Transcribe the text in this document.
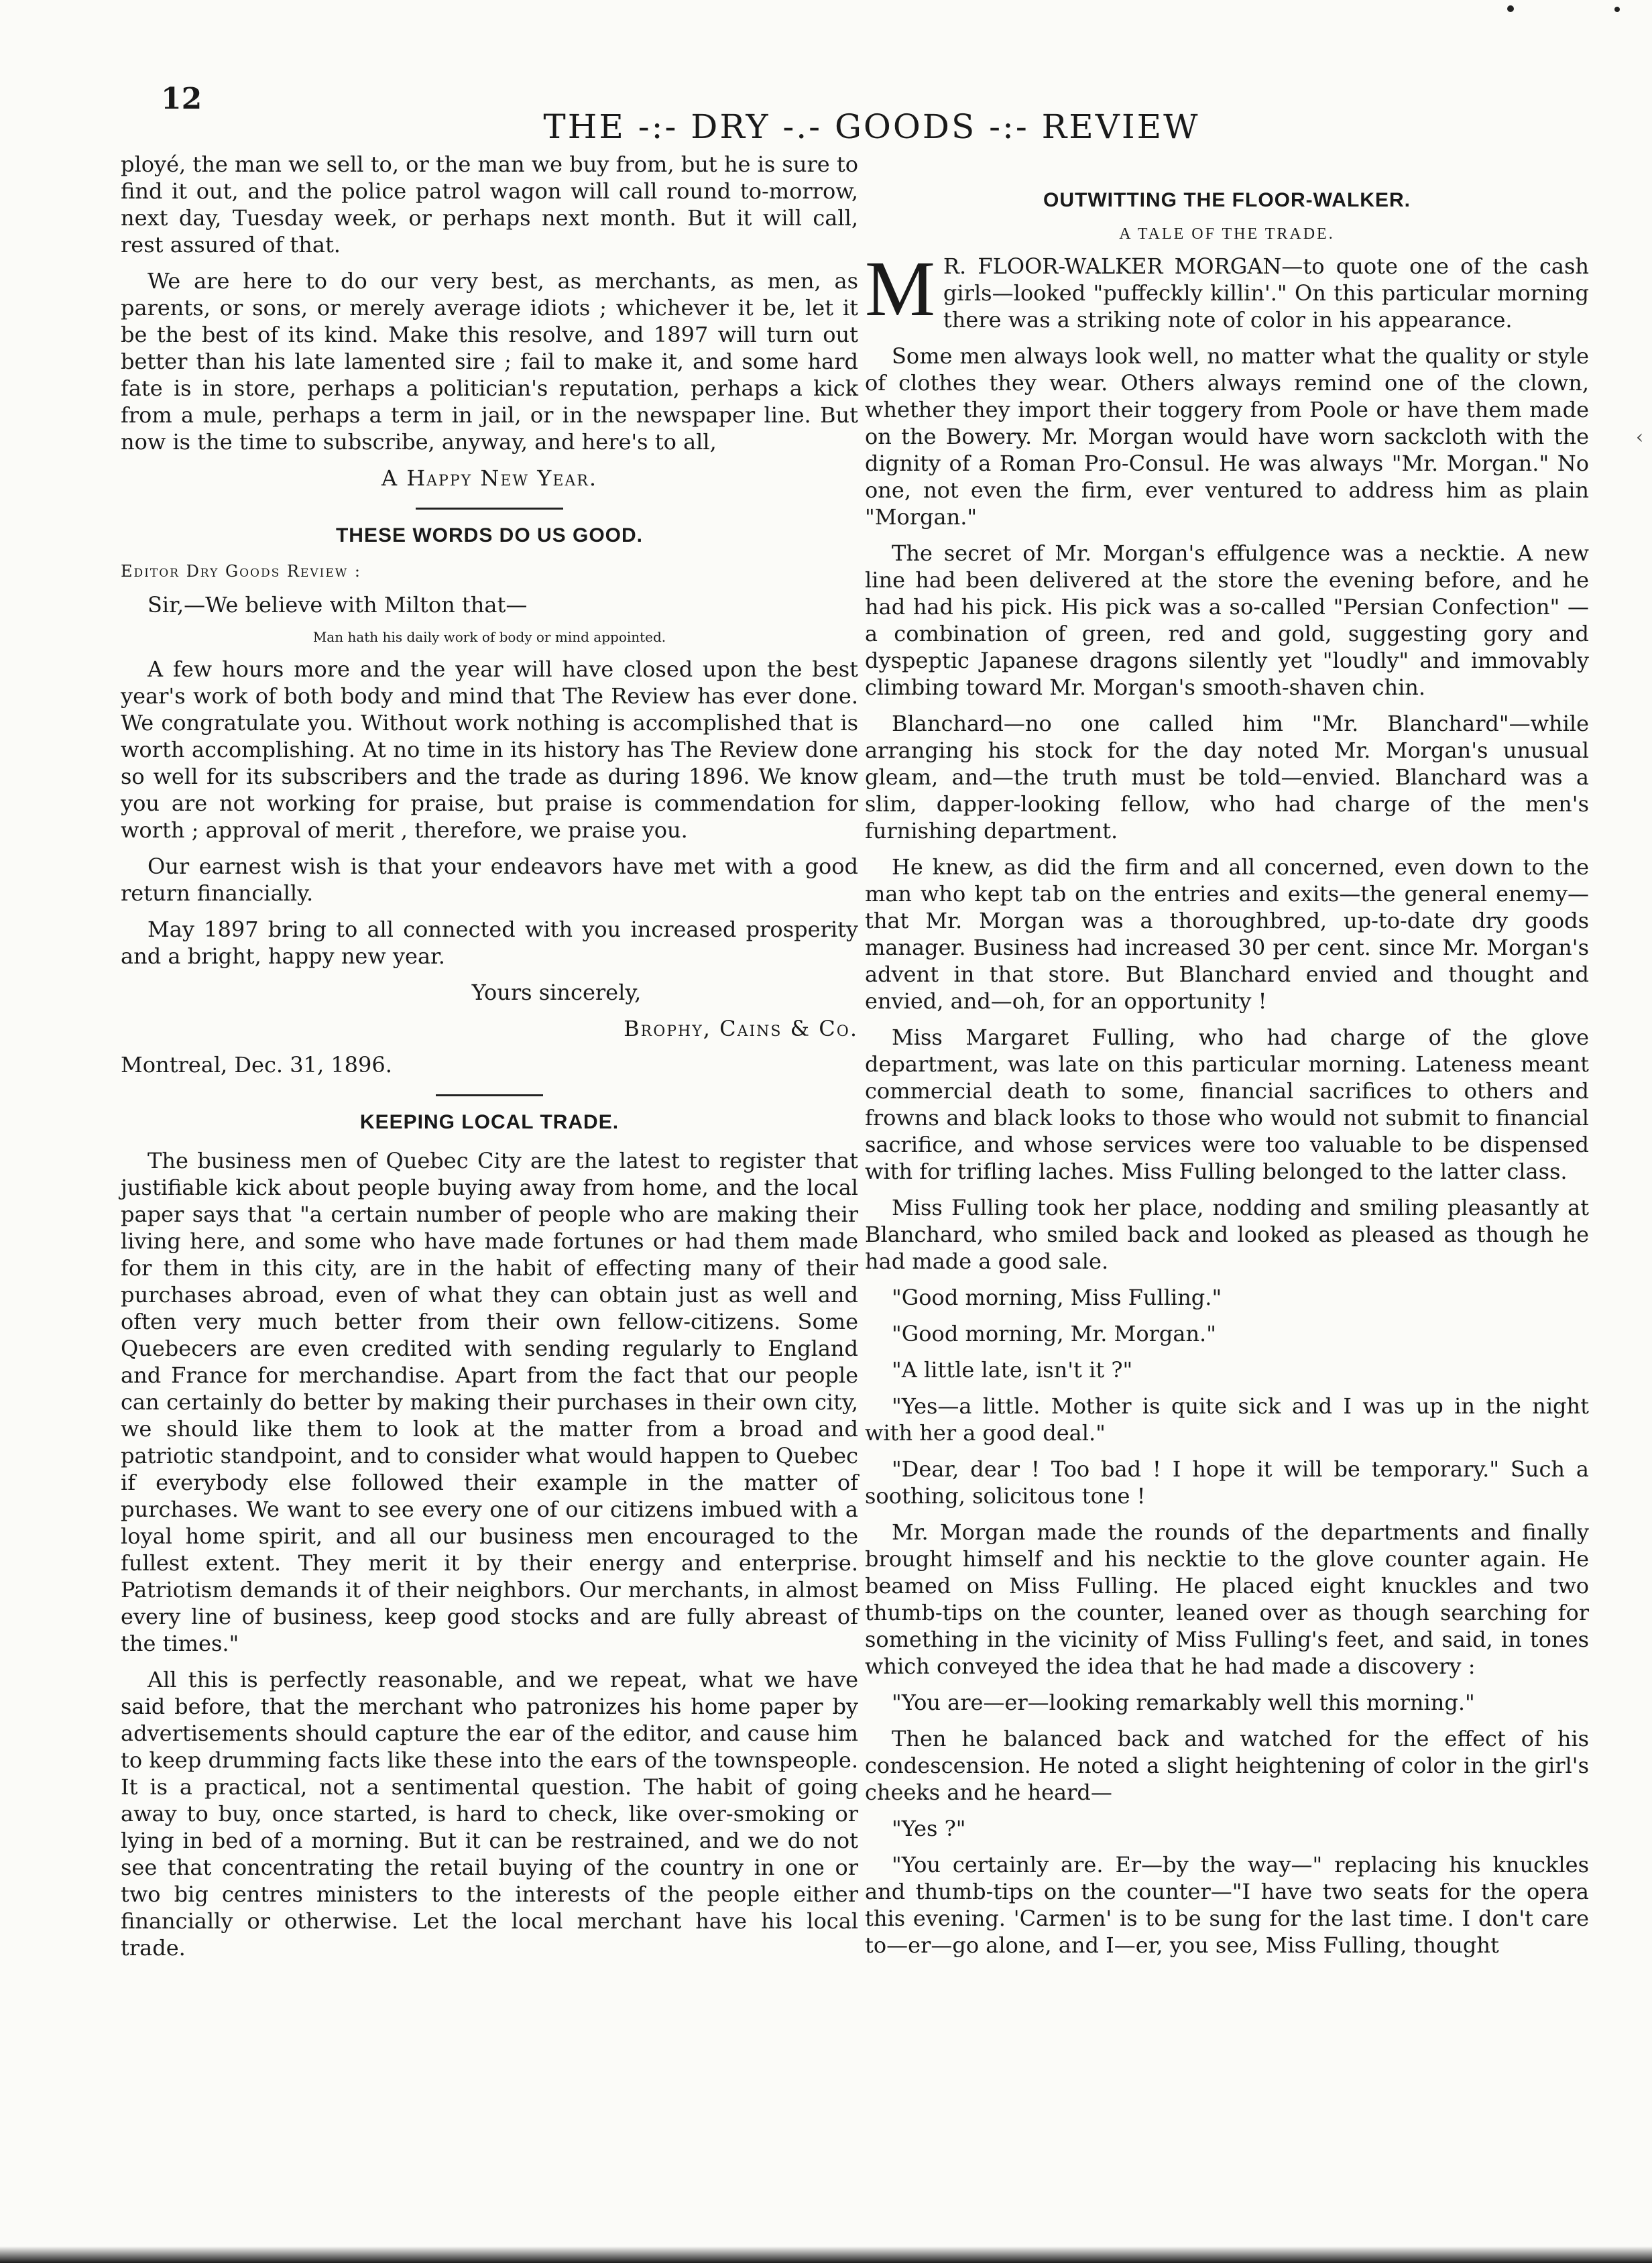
12
THE -:- DRY -.- GOODS -:- REVIEW

ployé, the man we sell to, or the man we buy from, but he is sure to find it out, and the police patrol wagon will call round to-morrow, next day, Tuesday week, or perhaps next month. But it will call, rest assured of that.

We are here to do our very best, as merchants, as men, as parents, or sons, or merely average idiots ; whichever it be, let it be the best of its kind. Make this resolve, and 1897 will turn out better than his late lamented sire ; fail to make it, and some hard fate is in store, perhaps a politician's reputation, perhaps a kick from a mule, perhaps a term in jail, or in the newspaper line. But now is the time to subscribe, anyway, and here's to all,

A Happy New Year.

THESE WORDS DO US GOOD.

Editor Dry Goods Review :

Sir,—We believe with Milton that—

Man hath his daily work of body or mind appointed.

A few hours more and the year will have closed upon the best year's work of both body and mind that The Review has ever done. We congratulate you. Without work nothing is accomplished that is worth accomplishing. At no time in its history has The Review done so well for its subscribers and the trade as during 1896. We know you are not working for praise, but praise is commendation for worth ; approval of merit , therefore, we praise you.

Our earnest wish is that your endeavors have met with a good return financially.

May 1897 bring to all connected with you increased prosperity and a bright, happy new year.

Yours sincerely,

Brophy, Cains & Co.

Montreal, Dec. 31, 1896.

KEEPING LOCAL TRADE.

The business men of Quebec City are the latest to register that justifiable kick about people buying away from home, and the local paper says that "a certain number of people who are making their living here, and some who have made fortunes or had them made for them in this city, are in the habit of effecting many of their purchases abroad, even of what they can obtain just as well and often very much better from their own fellow-citizens. Some Quebecers are even credited with sending regularly to England and France for merchandise. Apart from the fact that our people can certainly do better by making their purchases in their own city, we should like them to look at the matter from a broad and patriotic standpoint, and to consider what would happen to Quebec if everybody else followed their example in the matter of purchases. We want to see every one of our citizens imbued with a loyal home spirit, and all our business men encouraged to the fullest extent. They merit it by their energy and enterprise. Patriotism demands it of their neighbors. Our merchants, in almost every line of business, keep good stocks and are fully abreast of the times."

All this is perfectly reasonable, and we repeat, what we have said before, that the merchant who patronizes his home paper by advertisements should capture the ear of the editor, and cause him to keep drumming facts like these into the ears of the townspeople. It is a practical, not a sentimental question. The habit of going away to buy, once started, is hard to check, like over-smoking or lying in bed of a morning. But it can be restrained, and we do not see that concentrating the retail buying of the country in one or two big centres ministers to the interests of the people either financially or otherwise. Let the local merchant have his local trade.

OUTWITTING THE FLOOR-WALKER.
A TALE OF THE TRADE.

M R. FLOOR-WALKER MORGAN—to quote one of the cash girls—looked "puffeckly killin'." On this particular morning there was a striking note of color in his appearance.

Some men always look well, no matter what the quality or style of clothes they wear. Others always remind one of the clown, whether they import their toggery from Poole or have them made on the Bowery. Mr. Morgan would have worn sackcloth with the dignity of a Roman Pro-Consul. He was always "Mr. Morgan." No one, not even the firm, ever ventured to address him as plain "Morgan."

The secret of Mr. Morgan's effulgence was a necktie. A new line had been delivered at the store the evening before, and he had had his pick. His pick was a so-called "Persian Confection" —a combination of green, red and gold, suggesting gory and dyspeptic Japanese dragons silently yet "loudly" and immovably climbing toward Mr. Morgan's smooth-shaven chin.

Blanchard—no one called him "Mr. Blanchard"—while arranging his stock for the day noted Mr. Morgan's unusual gleam, and—the truth must be told—envied. Blanchard was a slim, dapper-looking fellow, who had charge of the men's furnishing department.

He knew, as did the firm and all concerned, even down to the man who kept tab on the entries and exits—the general enemy—that Mr. Morgan was a thoroughbred, up-to-date dry goods manager. Business had increased 30 per cent. since Mr. Morgan's advent in that store. But Blanchard envied and thought and envied, and—oh, for an opportunity !

Miss Margaret Fulling, who had charge of the glove department, was late on this particular morning. Lateness meant commercial death to some, financial sacrifices to others and frowns and black looks to those who would not submit to financial sacrifice, and whose services were too valuable to be dispensed with for trifling laches. Miss Fulling belonged to the latter class.

Miss Fulling took her place, nodding and smiling pleasantly at Blanchard, who smiled back and looked as pleased as though he had made a good sale.

"Good morning, Miss Fulling."

"Good morning, Mr. Morgan."

"A little late, isn't it ?"

"Yes—a little. Mother is quite sick and I was up in the night with her a good deal."

"Dear, dear ! Too bad ! I hope it will be temporary." Such a soothing, solicitous tone !

Mr. Morgan made the rounds of the departments and finally brought himself and his necktie to the glove counter again. He beamed on Miss Fulling. He placed eight knuckles and two thumb-tips on the counter, leaned over as though searching for something in the vicinity of Miss Fulling's feet, and said, in tones which conveyed the idea that he had made a discovery :

"You are—er—looking remarkably well this morning."

Then he balanced back and watched for the effect of his condescension. He noted a slight heightening of color in the girl's cheeks and he heard—

"Yes ?"

"You certainly are. Er—by the way—" replacing his knuckles and thumb-tips on the counter—"I have two seats for the opera this evening. 'Carmen' is to be sung for the last time. I don't care to—er—go alone, and I—er, you see, Miss Fulling, thought

‹
